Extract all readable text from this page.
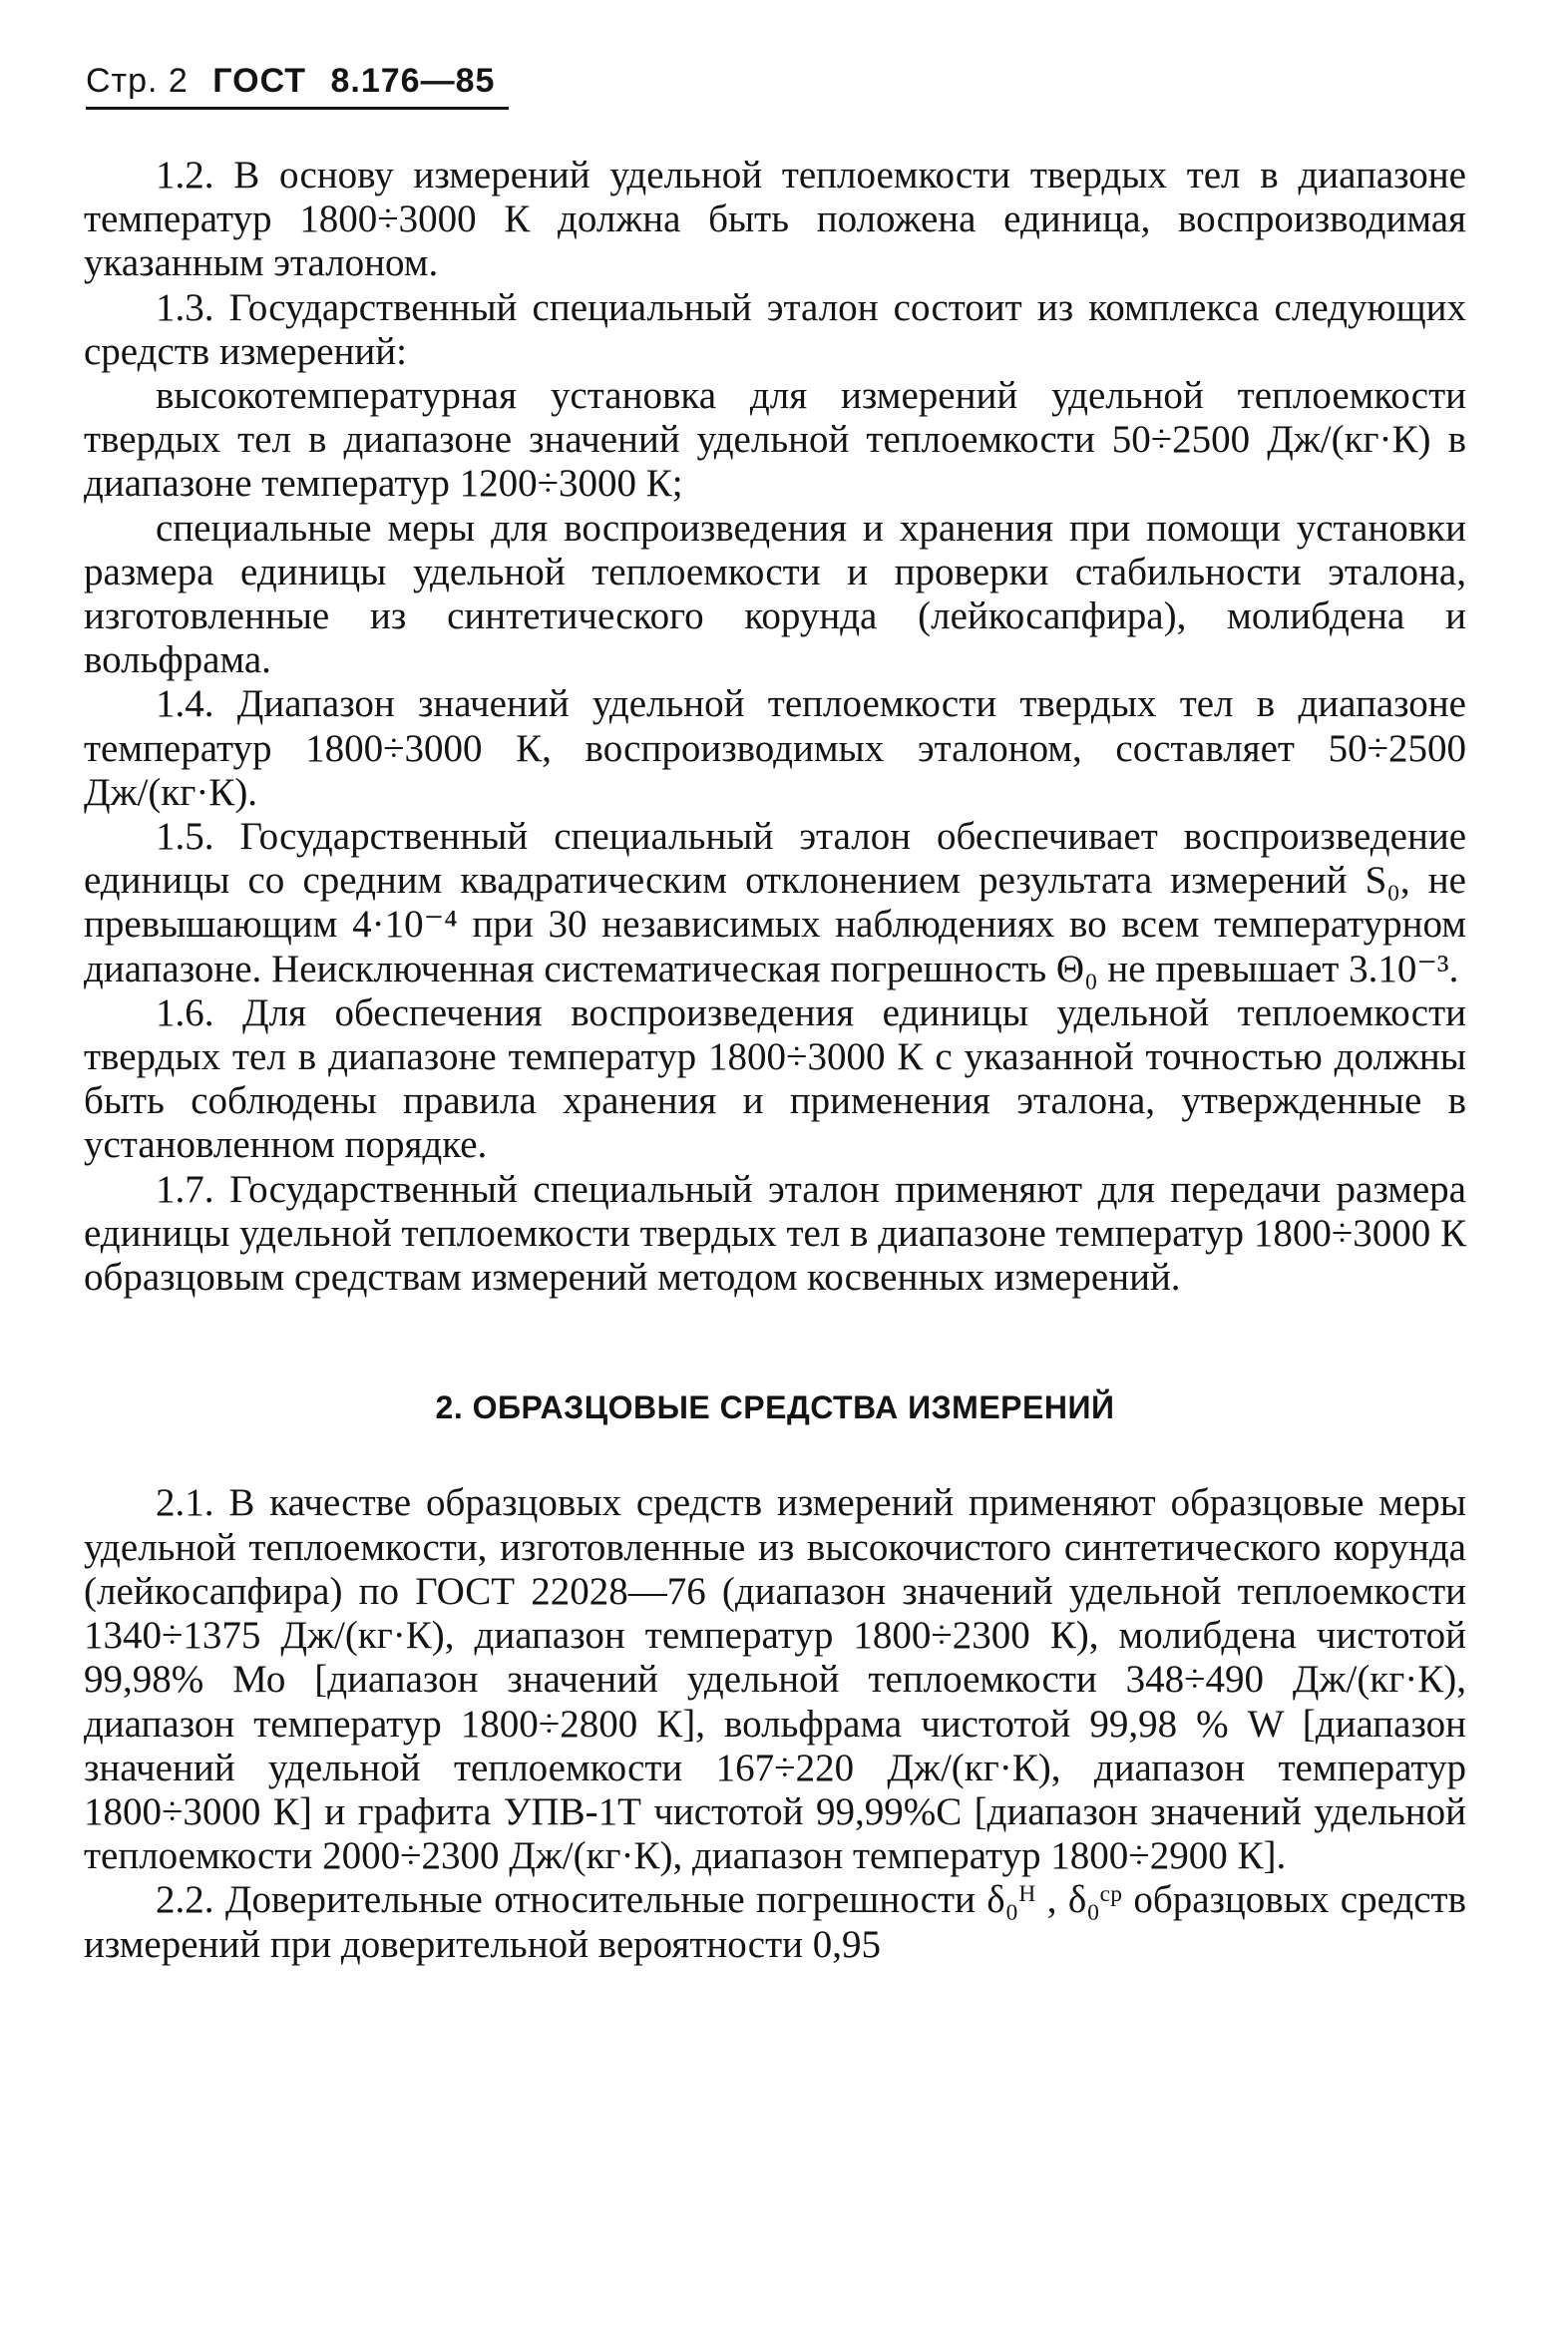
Стр. 2 ГОСТ 8.176—85

1.2. В основу измерений удельной теплоемкости твердых тел в диапазоне температур 1800÷3000 К должна быть положена единица, воспроизводимая указанным эталоном.

1.3. Государственный специальный эталон состоит из комплекса следующих средств измерений:

высокотемпературная установка для измерений удельной теплоемкости твердых тел в диапазоне значений удельной теплоемкости 50÷2500 Дж/(кг·К) в диапазоне температур 1200÷3000 К;

специальные меры для воспроизведения и хранения при помощи установки размера единицы удельной теплоемкости и проверки стабильности эталона, изготовленные из синтетического корунда (лейкосапфира), молибдена и вольфрама.

1.4. Диапазон значений удельной теплоемкости твердых тел в диапазоне температур 1800÷3000 К, воспроизводимых эталоном, составляет 50÷2500 Дж/(кг·К).

1.5. Государственный специальный эталон обеспечивает воспроизведение единицы со средним квадратическим отклонением результата измерений S₀, не превышающим 4·10⁻⁴ при 30 независимых наблюдениях во всем температурном диапазоне. Неисключенная систематическая погрешность Θ₀ не превышает 3.10⁻³.

1.6. Для обеспечения воспроизведения единицы удельной теплоемкости твердых тел в диапазоне температур 1800÷3000 К с указанной точностью должны быть соблюдены правила хранения и применения эталона, утвержденные в установленном порядке.

1.7. Государственный специальный эталон применяют для передачи размера единицы удельной теплоемкости твердых тел в диапазоне температур 1800÷3000 К образцовым средствам измерений методом косвенных измерений.

2. ОБРАЗЦОВЫЕ СРЕДСТВА ИЗМЕРЕНИЙ

2.1. В качестве образцовых средств измерений применяют образцовые меры удельной теплоемкости, изготовленные из высокочистого синтетического корунда (лейкосапфира) по ГОСТ 22028—76 (диапазон значений удельной теплоемкости 1340÷1375 Дж/(кг·К), диапазон температур 1800÷2300 К), молибдена чистотой 99,98% Мо [диапазон значений удельной теплоемкости 348÷490 Дж/(кг·К), диапазон температур 1800÷2800 К], вольфрама чистотой 99,98 % W [диапазон значений удельной теплоемкости 167÷220 Дж/(кг·К), диапазон температур 1800÷3000 К] и графита УПВ-1Т чистотой 99,99%С [диапазон значений удельной теплоемкости 2000÷2300 Дж/(кг·К), диапазон температур 1800÷2900 К].

2.2. Доверительные относительные погрешности δ₀ᴴ , δ₀ᶜᵖ образцовых средств измерений при доверительной вероятности 0,95
